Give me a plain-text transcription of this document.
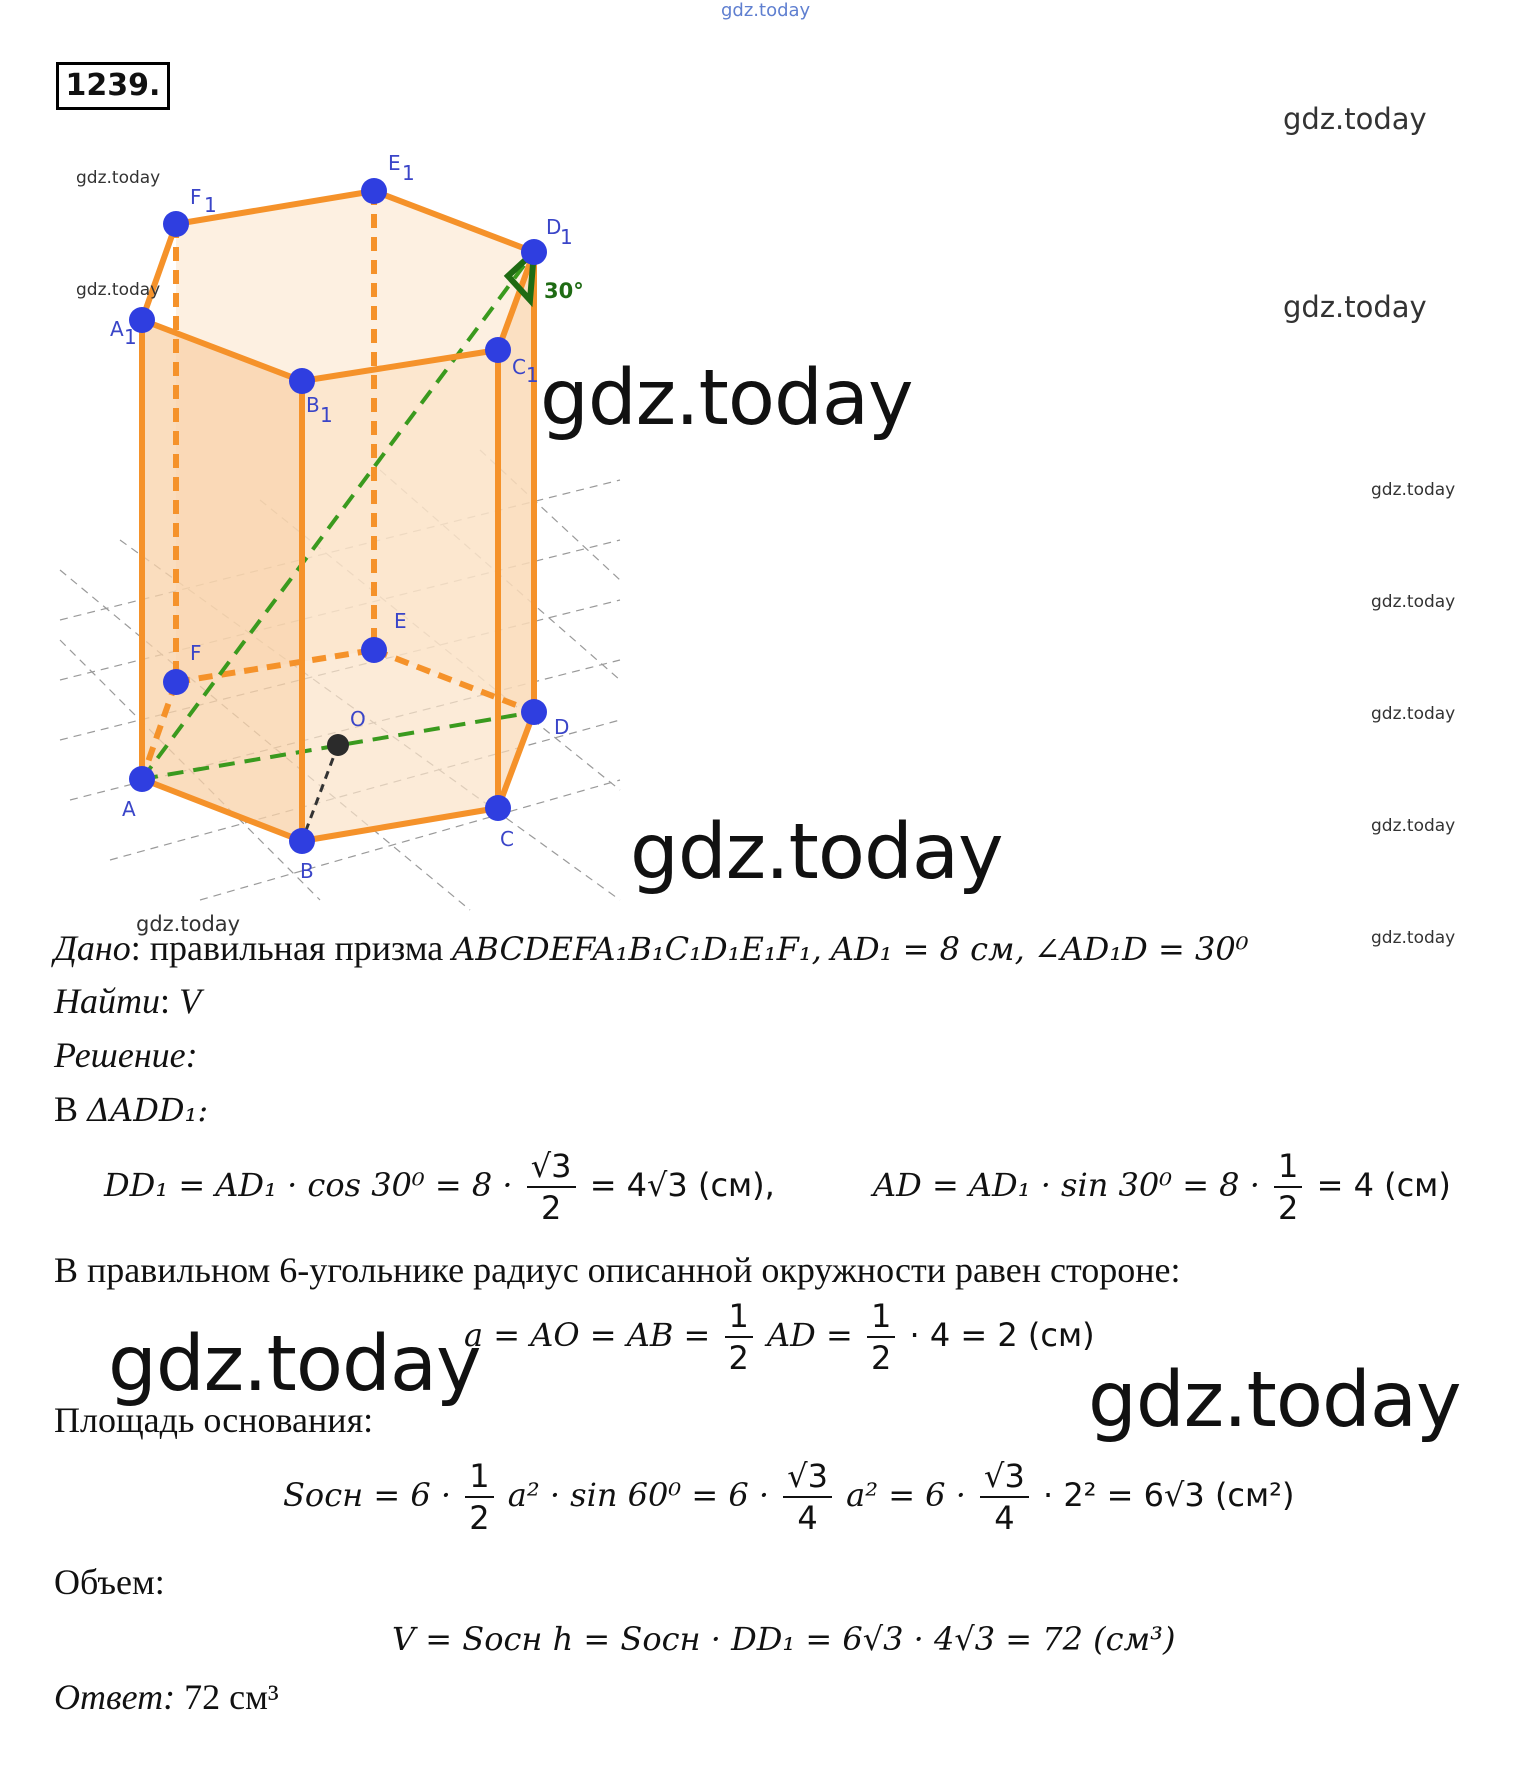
gdz.today
1239.
30°
A 1
F 1
E 1
D
1
C 1
B 1
A
B
C
D
E
F
O
gdz.today
gdz.today
gdz.today
gdz.today
gdz.today
gdz.today
gdz.today
gdz.today
gdz.today
gdz.today
gdz.today
gdz.today
gdz.today	gdz.today
Дано: правильная призма ABCDEFA₁B₁C₁D₁E₁F₁, AD₁ = 8 см, ∠AD₁D = 30⁰
Найти: V
Решение:
В ΔADD₁:
$DD_1 = AD_1 \cdot \cos 30^0 = 8 \cdot \frac{√3}{2} = 4√3$ (см),	AD = $AD_1 \cdot \sin 30^0 = 8 \cdot \frac{1}{2} = 4$ (см)
В правильном 6-угольнике радиус описанной окружности равен стороне:
a = AO = AB = $\frac{1}{2}$ AD = $\frac{1}{2} \cdot 4 = 2$ (см)
Площадь основания:
Sосн = $6 \cdot \frac{1}{2} a^2 \cdot \sin 60^0 = 6 \cdot \frac{√3}{4} a^2 = 6 \cdot \frac{√3}{4} \cdot 2^2 = 6√3$ (см²)
Объем:
V = Sосн h = Sосн · DD₁ = 6√3 · 4√3 = 72 (см³)
Ответ: 72 см³
